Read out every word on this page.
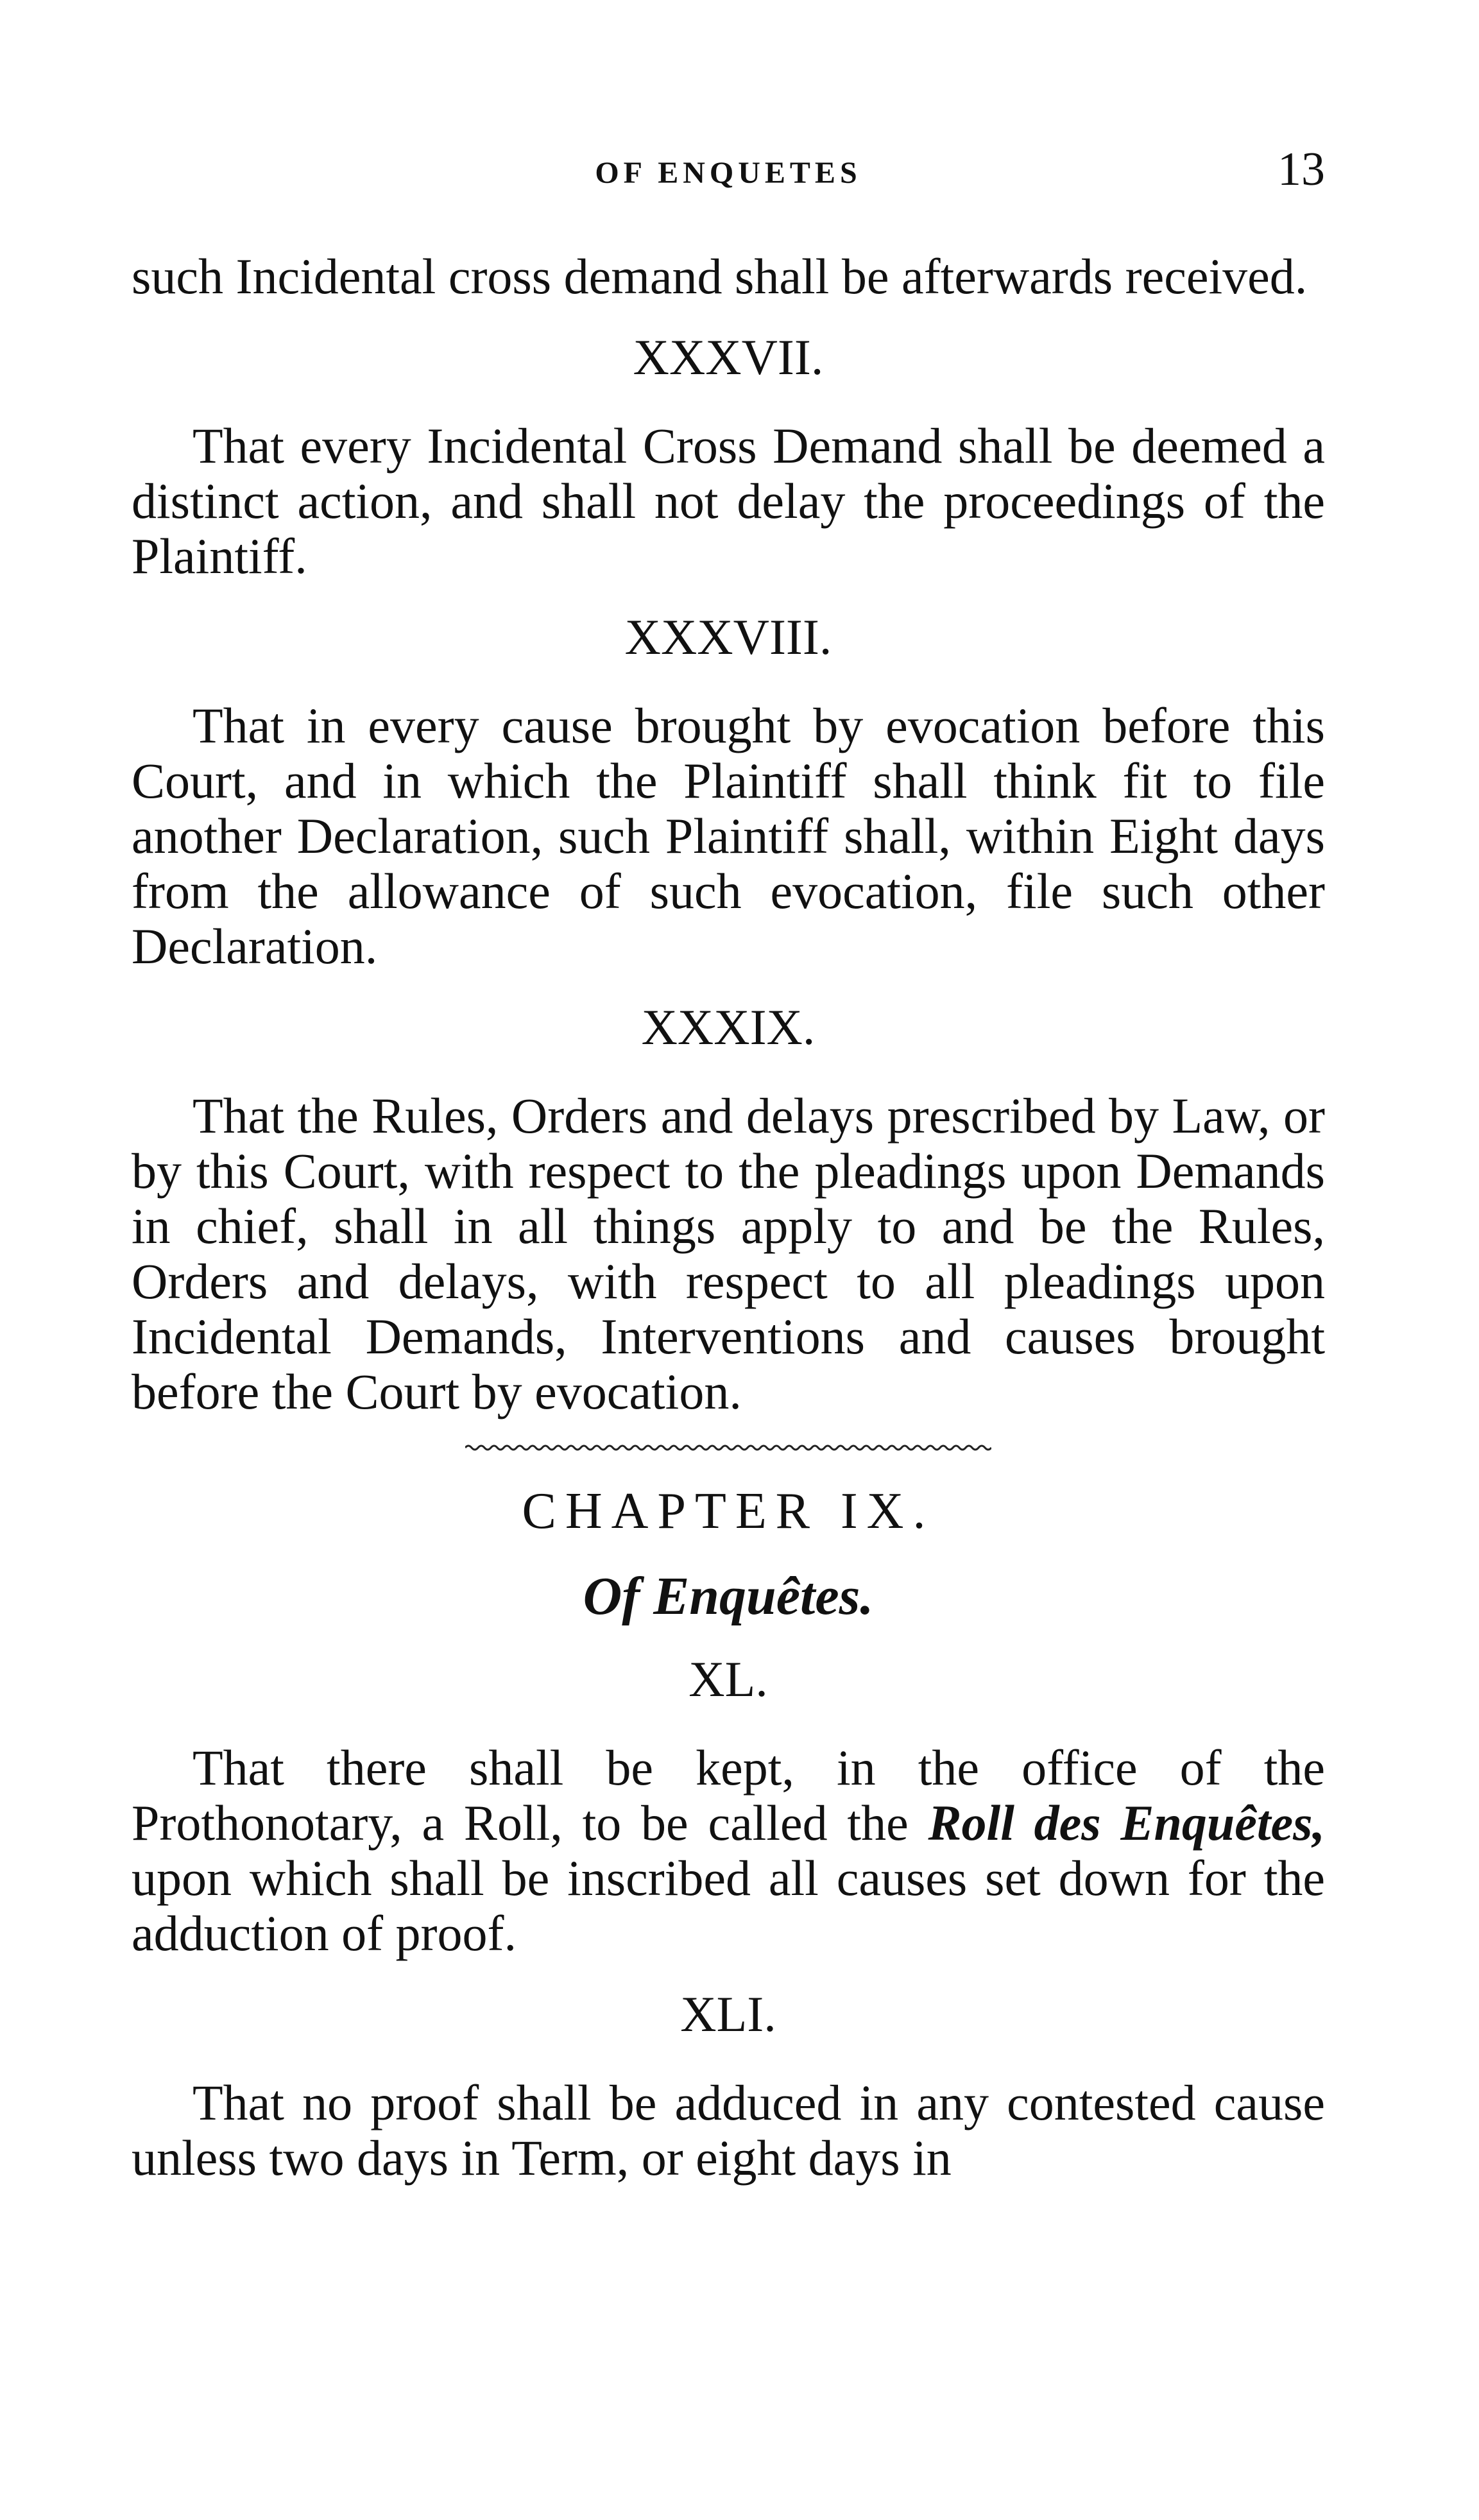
OF ENQUETES	13

such Incidental cross demand shall be afterwards received.

XXXVII.

That every Incidental Cross Demand shall be deemed a distinct action, and shall not delay the proceedings of the Plaintiff.

XXXVIII.

That in every cause brought by evocation before this Court, and in which the Plaintiff shall think fit to file another Declaration, such Plaintiff shall, within Eight days from the allowance of such evocation, file such other Declaration.

XXXIX.

That the Rules, Orders and delays prescribed by Law, or by this Court, with respect to the pleadings upon Demands in chief, shall in all things apply to and be the Rules, Orders and delays, with respect to all pleadings upon Incidental Demands, Interventions and causes brought before the Court by evocation.

CHAPTER IX.
Of Enquêtes.
XL.

That there shall be kept, in the office of the Prothonotary, a Roll, to be called the Roll des Enquêtes, upon which shall be inscribed all causes set down for the adduction of proof.

XLI.

That no proof shall be adduced in any contested cause unless two days in Term, or eight days in
